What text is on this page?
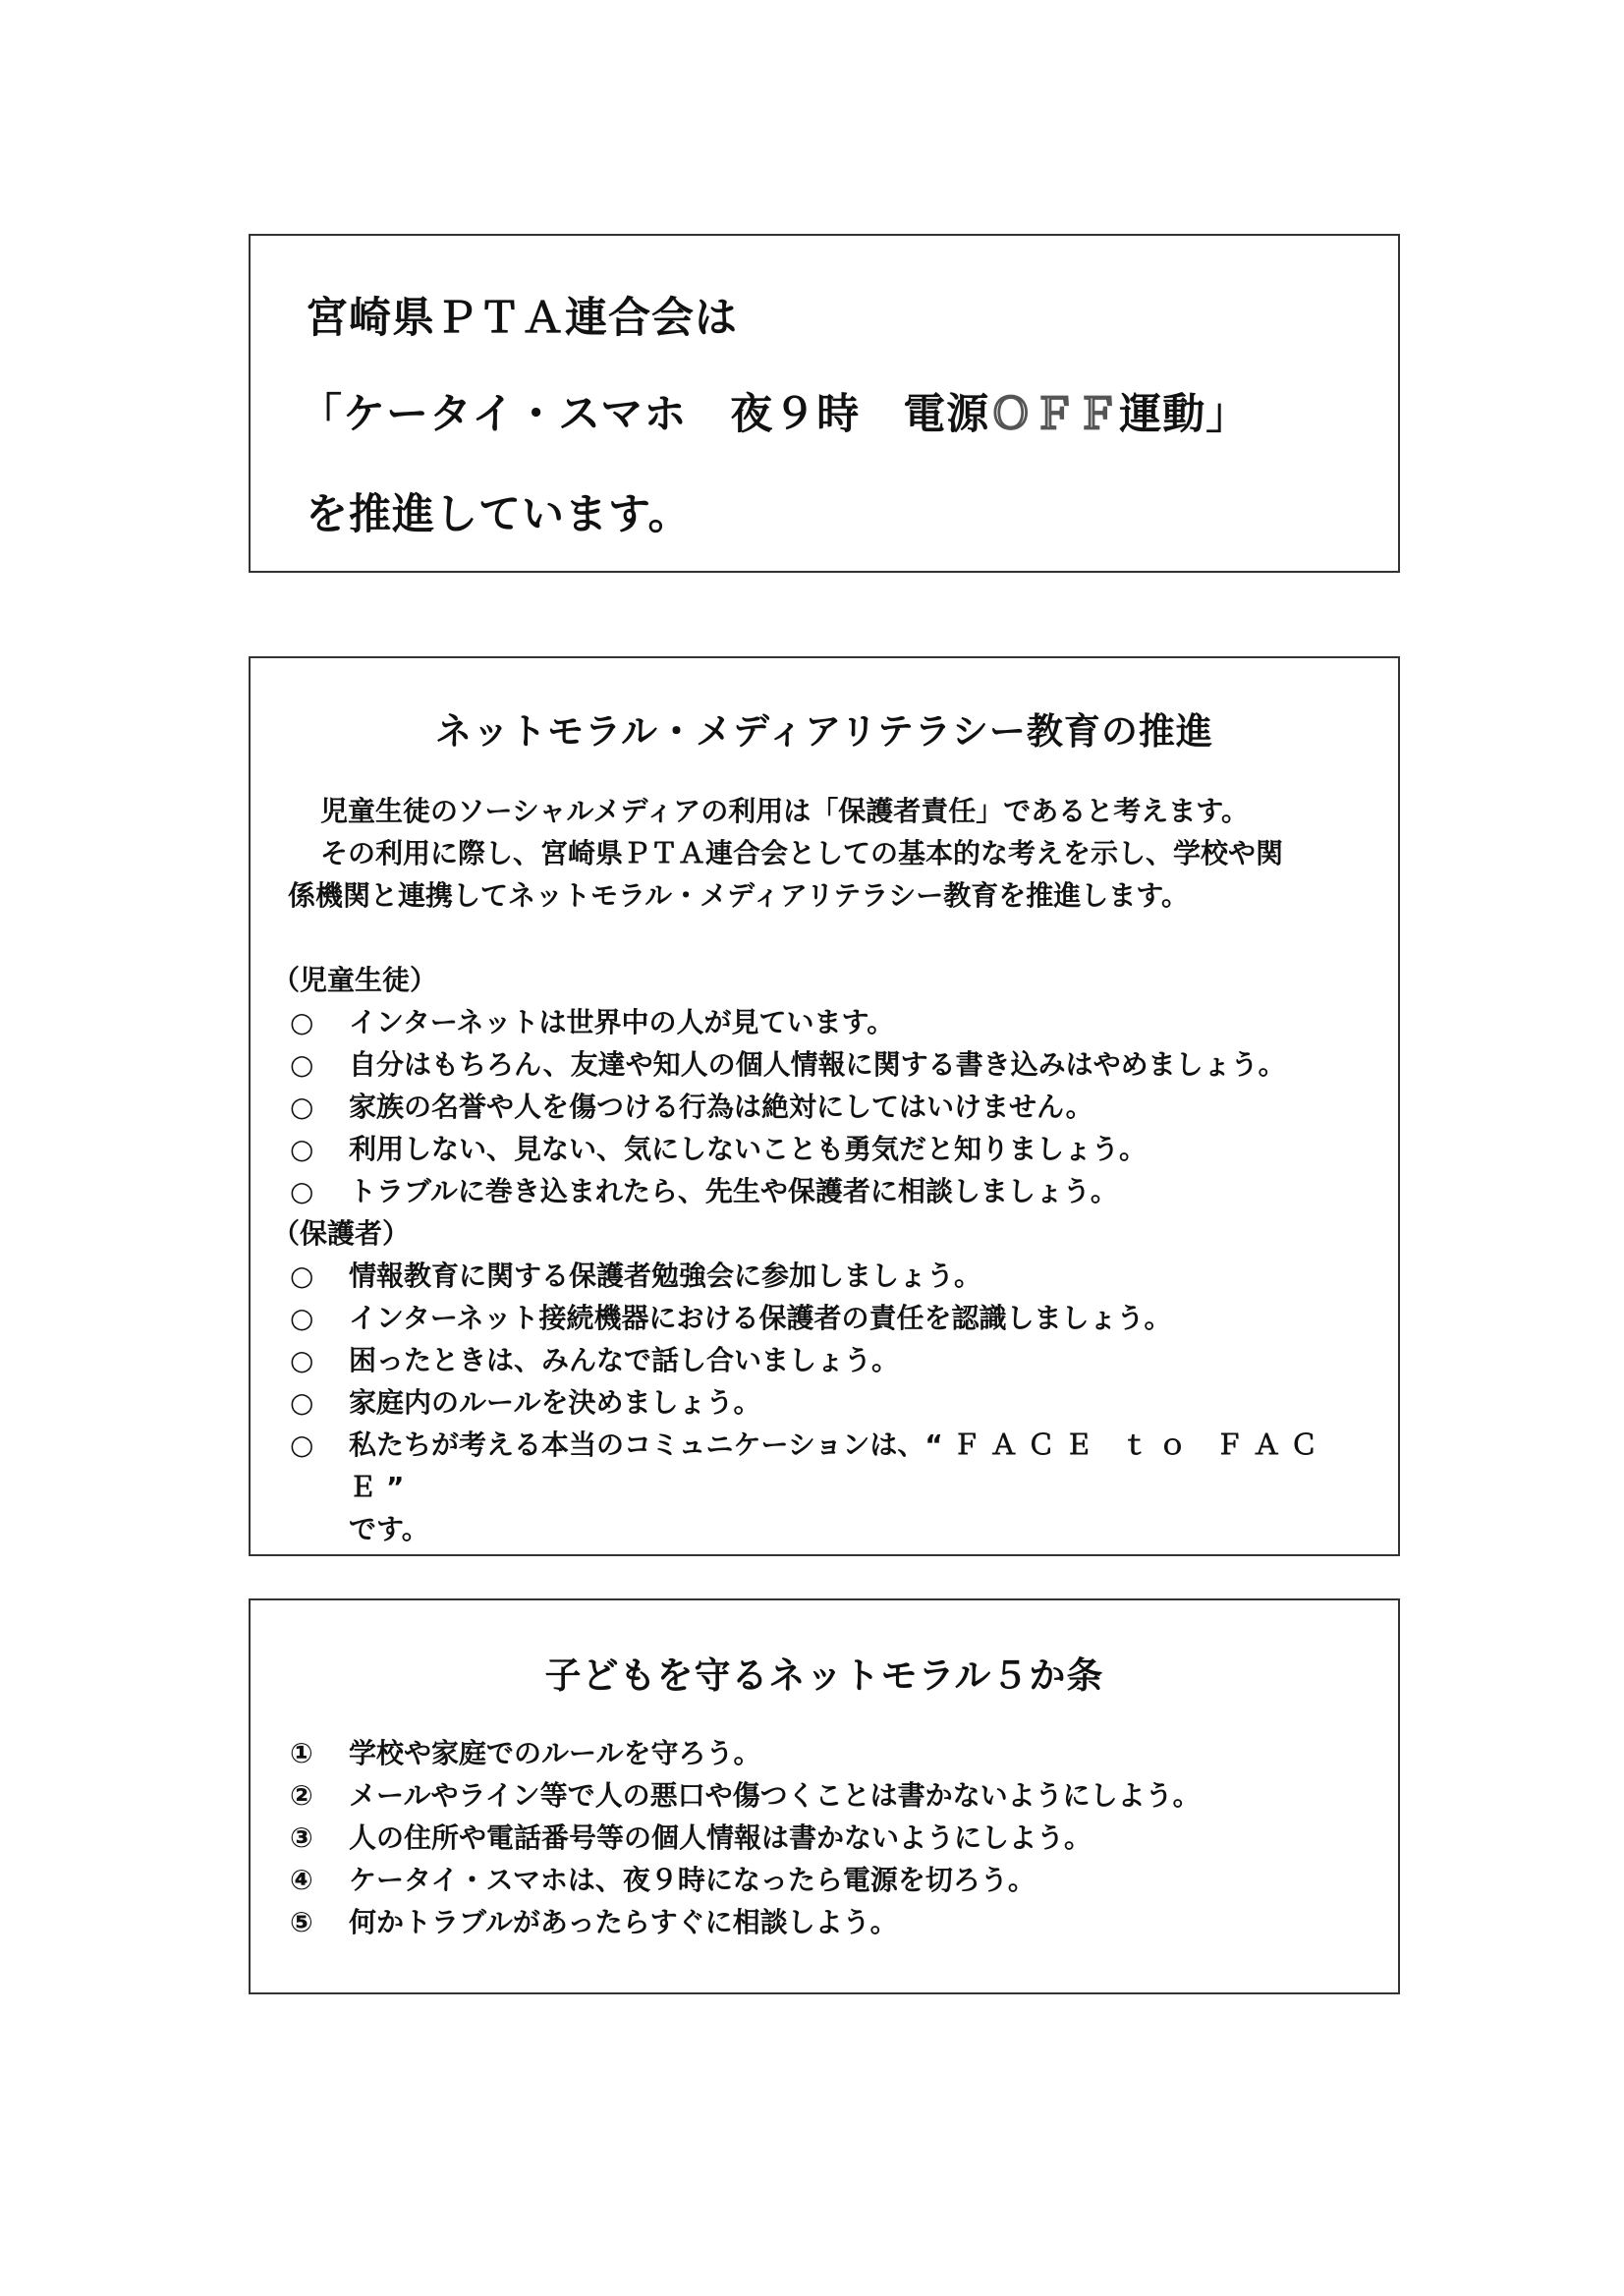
宮崎県ＰＴＡ連合会は
「ケータイ・スマホ　夜９時　電源ＯＦＦ運動」
を推進しています。
ネットモラル・メディアリテラシー教育の推進

児童生徒のソーシャルメディアの利用は「保護者責任」であると考えます。

その利用に際し、宮崎県ＰＴＡ連合会としての基本的な考えを示し、学校や関

係機関と連携してネットモラル・メディアリテラシー教育を推進します。

（児童生徒）
○	インターネットは世界中の人が見ています。
○	自分はもちろん、友達や知人の個人情報に関する書き込みはやめましょう。
○	家族の名誉や人を傷つける行為は絶対にしてはいけません。
○	利用しない、見ない、気にしないことも勇気だと知りましょう。
○	トラブルに巻き込まれたら、先生や保護者に相談しましょう。
（保護者）
○	情報教育に関する保護者勉強会に参加しましょう。
○	インターネット接続機器における保護者の責任を認識しましょう。
○	困ったときは、みんなで話し合いましょう。
○	家庭内のルールを決めましょう。
○	私たちが考える本当のコミュニケーションは、“ＦＡＣＥ ｔｏ ＦＡＣＥ”
です。
子どもを守るネットモラル５か条
①	学校や家庭でのルールを守ろう。
②	メールやライン等で人の悪口や傷つくことは書かないようにしよう。
③	人の住所や電話番号等の個人情報は書かないようにしよう。
④	ケータイ・スマホは、夜９時になったら電源を切ろう。
⑤	何かトラブルがあったらすぐに相談しよう。
